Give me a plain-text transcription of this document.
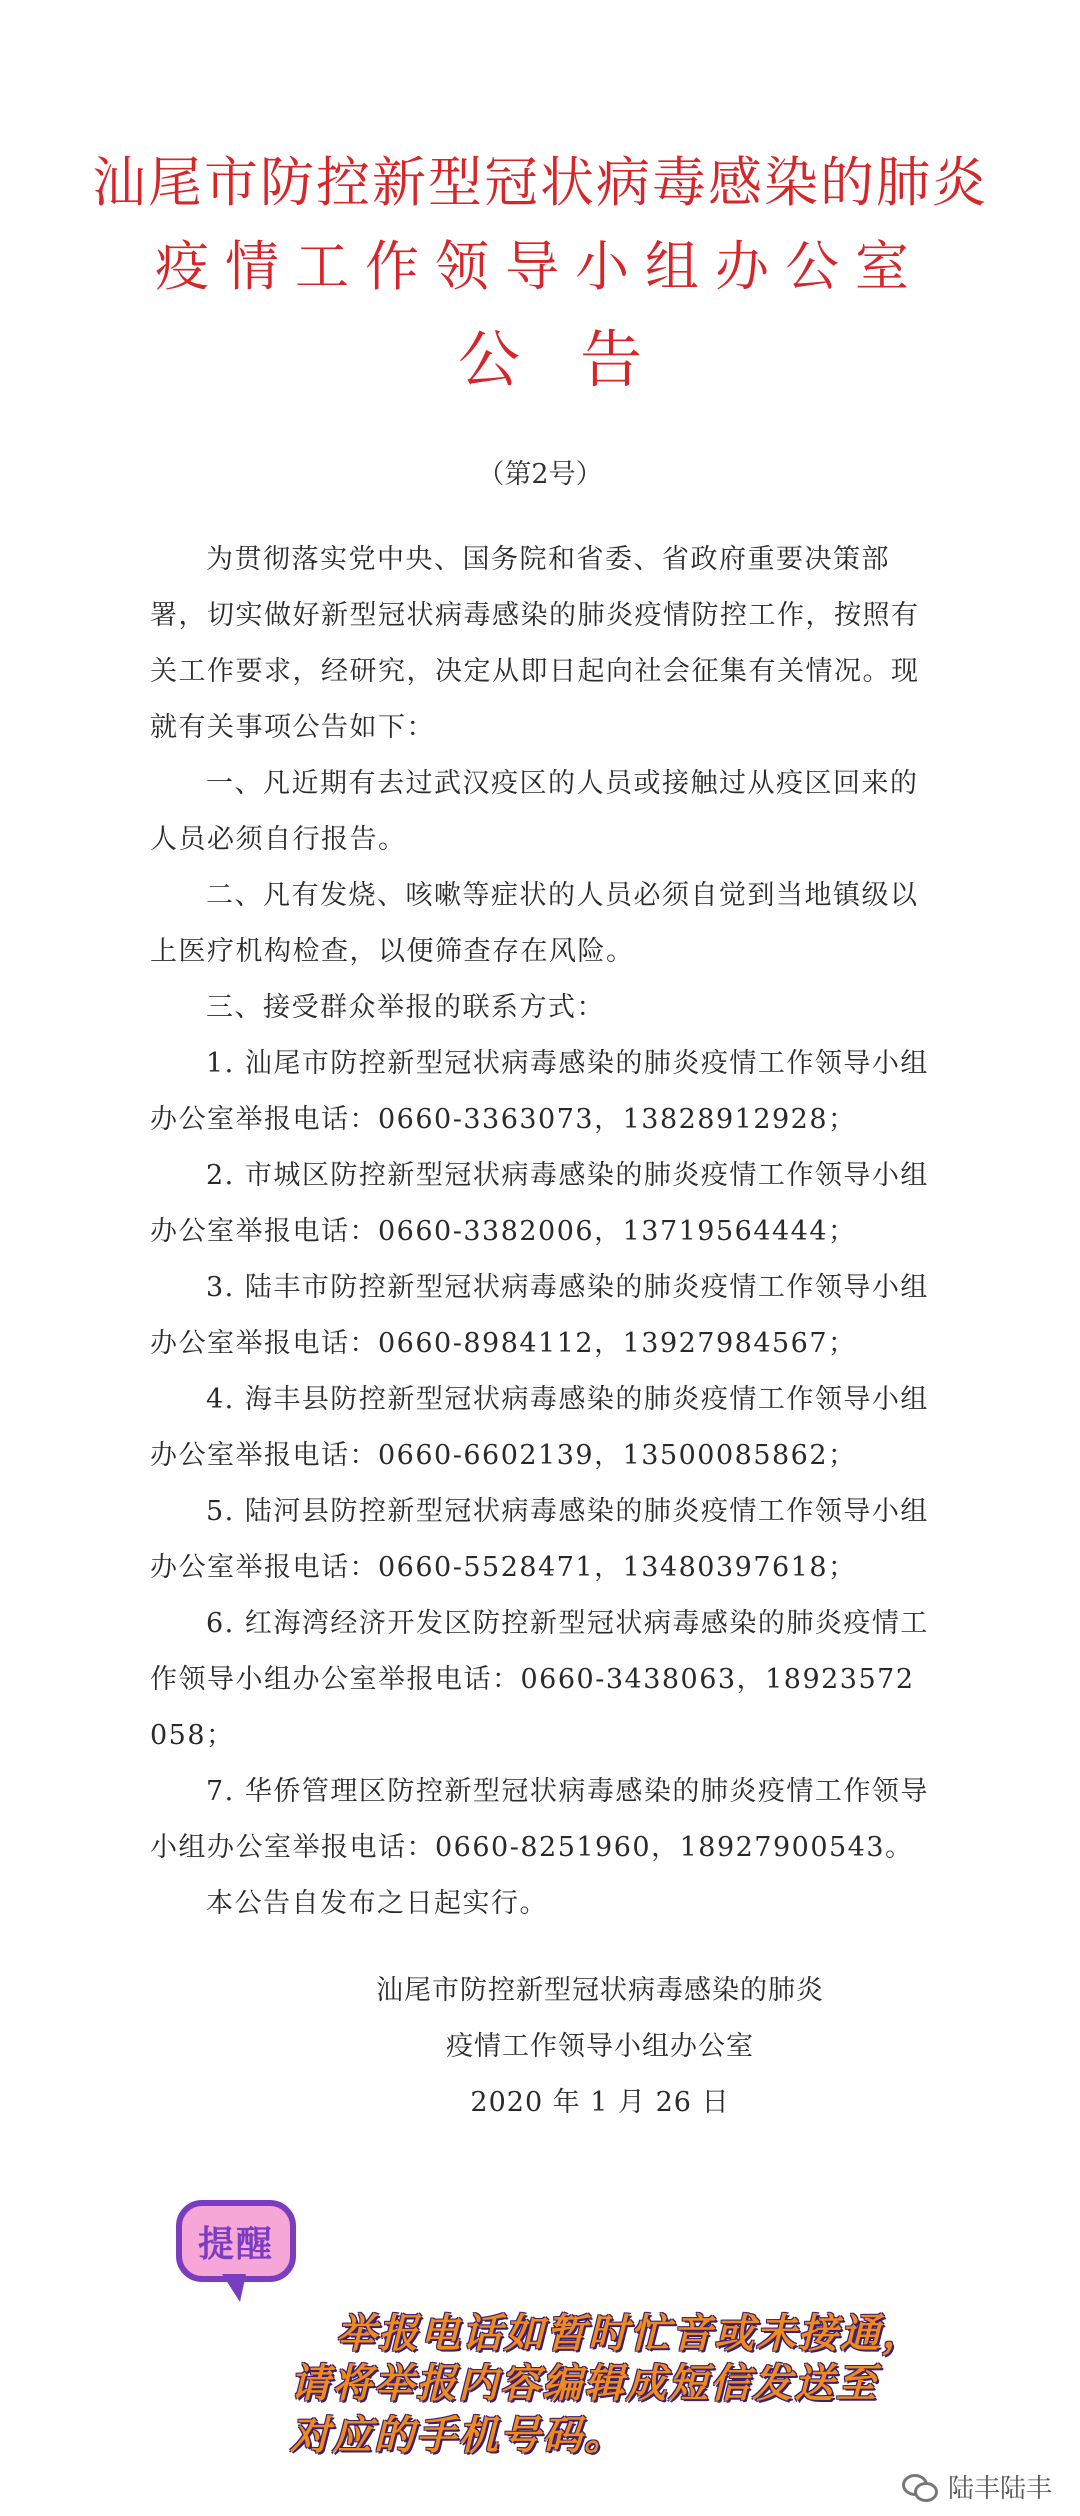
汕尾市防控新型冠状病毒感染的肺炎
疫情工作领导小组办公室
公告
（第2号）

为贯彻落实党中央、国务院和省委、省政府重要决策部署，切实做好新型冠状病毒感染的肺炎疫情防控工作，按照有关工作要求，经研究，决定从即日起向社会征集有关情况。现就有关事项公告如下：

一、凡近期有去过武汉疫区的人员或接触过从疫区回来的人员必须自行报告。

二、凡有发烧、咳嗽等症状的人员必须自觉到当地镇级以上医疗机构检查，以便筛查存在风险。

三、接受群众举报的联系方式：

1. 汕尾市防控新型冠状病毒感染的肺炎疫情工作领导小组办公室举报电话：0660-3363073，13828912928；

2. 市城区防控新型冠状病毒感染的肺炎疫情工作领导小组办公室举报电话：0660-3382006，13719564444；

3. 陆丰市防控新型冠状病毒感染的肺炎疫情工作领导小组办公室举报电话：0660-8984112，13927984567；

4. 海丰县防控新型冠状病毒感染的肺炎疫情工作领导小组办公室举报电话：0660-6602139，13500085862；

5. 陆河县防控新型冠状病毒感染的肺炎疫情工作领导小组办公室举报电话：0660-5528471，13480397618；

6. 红海湾经济开发区防控新型冠状病毒感染的肺炎疫情工作领导小组办公室举报电话：0660-3438063，18923572058；

7. 华侨管理区防控新型冠状病毒感染的肺炎疫情工作领导小组办公室举报电话：0660-8251960，18927900543。

本公告自发布之日起实行。

汕尾市防控新型冠状病毒感染的肺炎
疫情工作领导小组办公室
2020 年 1 月 26 日
提醒
举报电话如暂时忙音或未接通，
请将举报内容编辑成短信发送至
对应的手机号码。
陆丰陆丰
